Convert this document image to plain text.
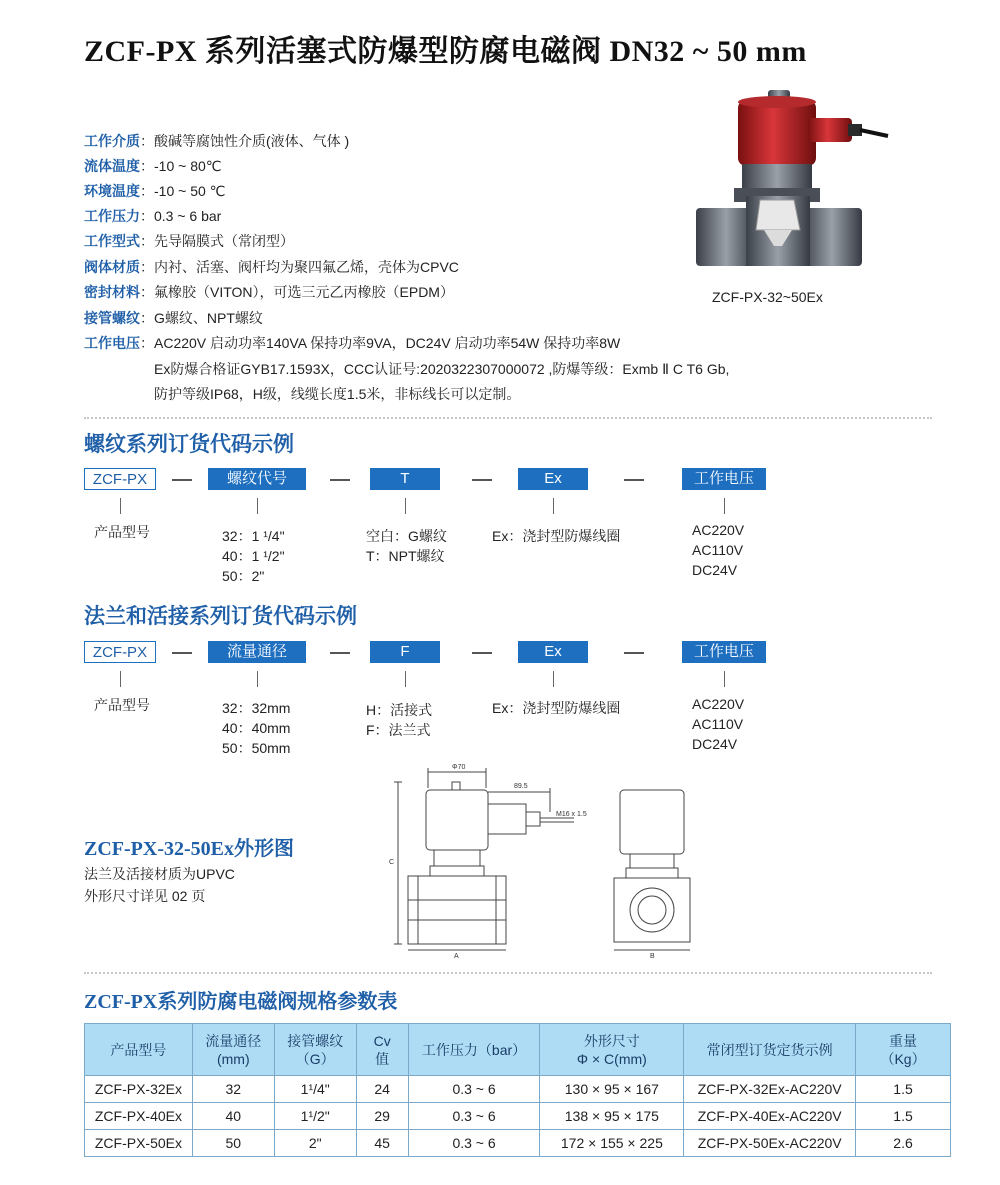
ZCF-PX 系列活塞式防爆型防腐电磁阀 DN32 ~ 50 mm
工作介质：酸碱等腐蚀性介质(液体、气体 )
流体温度：-10 ~ 80℃
环境温度：-10 ~ 50 ℃
工作压力：0.3 ~ 6 bar
工作型式：先导隔膜式（常闭型）
阀体材质：内衬、活塞、阀杆均为聚四氟乙烯，壳体为CPVC
密封材料：氟橡胶（VITON），可选三元乙丙橡胶（EPDM）
接管螺纹：G螺纹、NPT螺纹
工作电压：AC220V 启动功率140VA 保持功率9VA，DC24V 启动功率54W 保持功率8W
Ex防爆合格证GYB17.1593X，CCC认证号:2020322307000072 ,防爆等级：Exmb Ⅱ C T6 Gb,
防护等级IP68，H级，线缆长度1.5米，非标线长可以定制。
ZCF-PX-32~50Ex
螺纹系列订货代码示例
ZCF-PX	螺纹代号	T	Ex	工作电压
产品型号	32：1 ¹/4"
40：1 ¹/2"
50：2"
空白：G螺纹
T：NPT螺纹
Ex：浇封型防爆线圈	AC220V
AC110V
DC24V
法兰和活接系列订货代码示例
ZCF-PX	流量通径	F	Ex	工作电压
产品型号	32：32mm
40：40mm
50：50mm
H：活接式
F：法兰式
Ex：浇封型防爆线圈	AC220V
AC110V
DC24V
ZCF-PX-32-50Ex外形图
法兰及活接材质为UPVC
外形尺寸详见 02 页
Φ70
89.5
M16 x 1.5
C
A	B
ZCF-PX系列防腐电磁阀规格参数表
产品型号	流量通径
(mm)	接管螺纹
（G）	Cv
值	工作压力（bar）	外形尺寸
Φ × C(mm)	常闭型订货定货示例	重量
（Kg）
ZCF-PX-32Ex	32	1¹/4"	24	0.3 ~ 6	130 × 95 × 167	ZCF-PX-32Ex-AC220V	1.5
ZCF-PX-40Ex	40	1¹/2"	29	0.3 ~ 6	138 × 95 × 175	ZCF-PX-40Ex-AC220V	1.5
ZCF-PX-50Ex	50	2"	45	0.3 ~ 6	172 × 155 × 225	ZCF-PX-50Ex-AC220V	2.6
